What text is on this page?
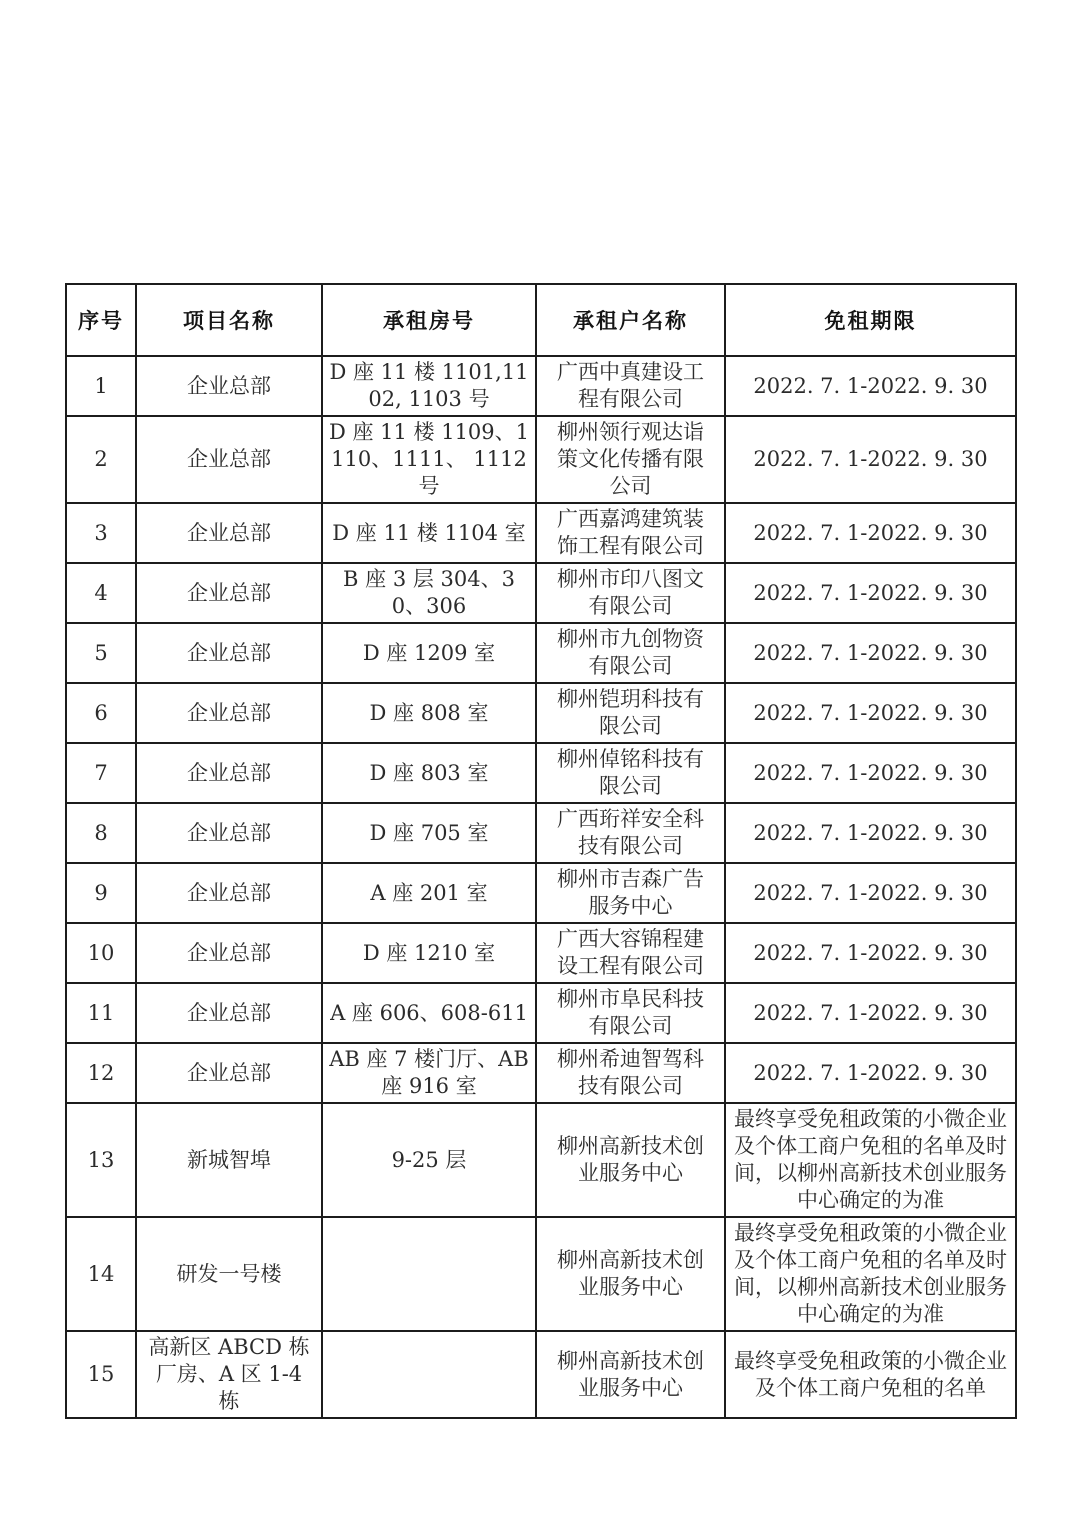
序号	项目名称	承租房号	承租户名称	免租期限
1	企业总部	D 座 11 楼 1101,1102, 1103 号	广西中真建设工程有限公司	2022. 7. 1-2022. 9. 30
2	企业总部	D 座 11 楼 1109、1110、1111、 1112 号	柳州领行观达诣策文化传播有限公司	2022. 7. 1-2022. 9. 30
3	企业总部	D 座 11 楼 1104 室	广西嘉鸿建筑装饰工程有限公司	2022. 7. 1-2022. 9. 30
4	企业总部	B 座 3 层 304、30、306	柳州市印八图文有限公司	2022. 7. 1-2022. 9. 30
5	企业总部	D 座 1209 室	柳州市九创物资有限公司	2022. 7. 1-2022. 9. 30
6	企业总部	D 座 808 室	柳州铠玥科技有限公司	2022. 7. 1-2022. 9. 30
7	企业总部	D 座 803 室	柳州倬铭科技有限公司	2022. 7. 1-2022. 9. 30
8	企业总部	D 座 705 室	广西珩祥安全科技有限公司	2022. 7. 1-2022. 9. 30
9	企业总部	A 座 201 室	柳州市吉森广告服务中心	2022. 7. 1-2022. 9. 30
10	企业总部	D 座 1210 室	广西大容锦程建设工程有限公司	2022. 7. 1-2022. 9. 30
11	企业总部	A 座 606、608-611	柳州市阜民科技有限公司	2022. 7. 1-2022. 9. 30
12	企业总部	AB 座 7 楼门厅、AB 座 916 室	柳州希迪智驾科技有限公司	2022. 7. 1-2022. 9. 30
13	新城智埠	9-25 层	柳州高新技术创业服务中心	最终享受免租政策的小微企业及个体工商户免租的名单及时间，以柳州高新技术创业服务中心确定的为准
14	研发一号楼		柳州高新技术创业服务中心	最终享受免租政策的小微企业及个体工商户免租的名单及时间，以柳州高新技术创业服务中心确定的为准
15	高新区 ABCD 栋厂房、A 区 1-4 栋		柳州高新技术创业服务中心	最终享受免租政策的小微企业及个体工商户免租的名单
